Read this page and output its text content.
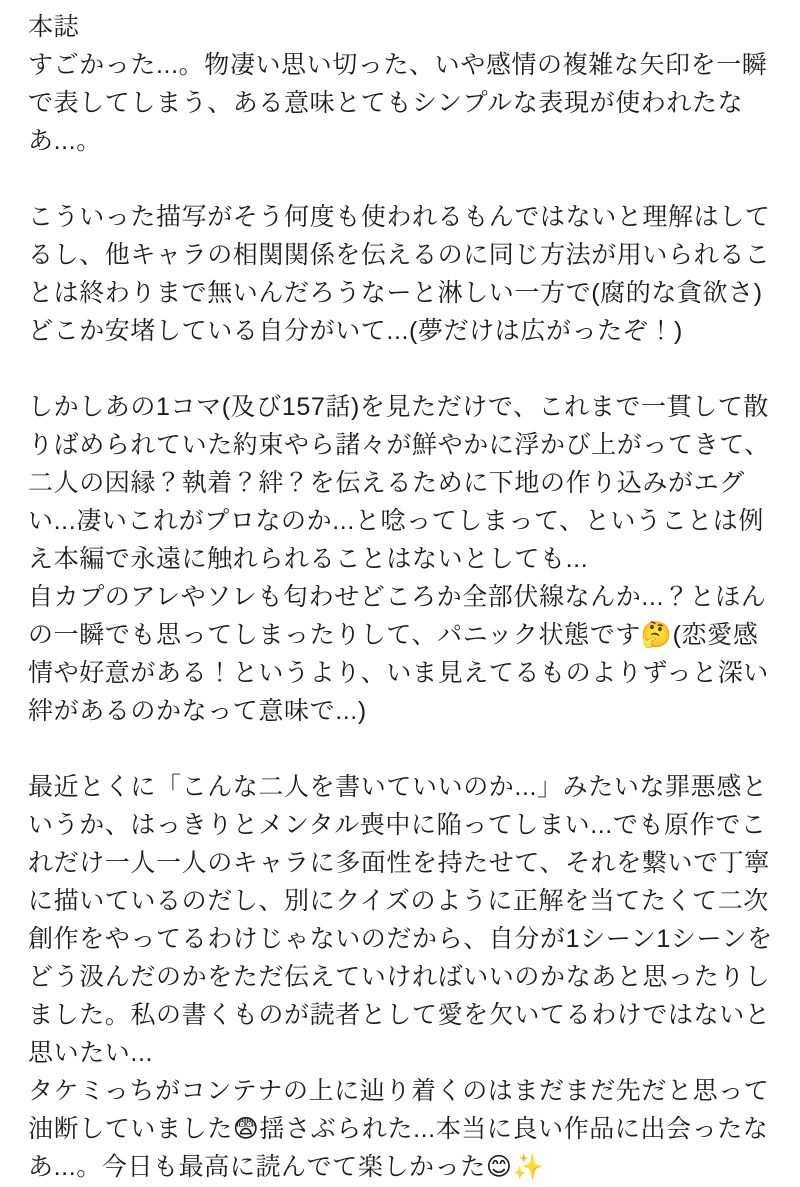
本誌
すごかった...。物凄い思い切った、いや感情の複雑な矢印を一瞬
で表してしまう、ある意味とてもシンプルな表現が使われたな
あ...。

こういった描写がそう何度も使われるもんではないと理解はして
るし、他キャラの相関関係を伝えるのに同じ方法が用いられるこ
とは終わりまで無いんだろうなーと淋しい一方で(腐的な貪欲さ)
どこか安堵している自分がいて...(夢だけは広がったぞ！)

しかしあの1コマ(及び157話)を見ただけで、これまで一貫して散
りばめられていた約束やら諸々が鮮やかに浮かび上がってきて、
二人の因縁？執着？絆？を伝えるために下地の作り込みがエグ
い...凄いこれがプロなのか...と唸ってしまって、ということは例
え本編で永遠に触れられることはないとしても...
自カプのアレやソレも匂わせどころか全部伏線なんか...？とほん
の一瞬でも思ってしまったりして、パニック状態です🤔(恋愛感
情や好意がある！というより、いま見えてるものよりずっと深い
絆があるのかなって意味で...)

最近とくに「こんな二人を書いていいのか...」みたいな罪悪感と
いうか、はっきりとメンタル喪中に陥ってしまい...でも原作でこ
れだけ一人一人のキャラに多面性を持たせて、それを繋いで丁寧
に描いているのだし、別にクイズのように正解を当てたくて二次
創作をやってるわけじゃないのだから、自分が1シーン1シーンを
どう汲んだのかをただ伝えていければいいのかなあと思ったりし
ました。私の書くものが読者として愛を欠いてるわけではないと
思いたい...
タケミっちがコンテナの上に辿り着くのはまだまだ先だと思って
油断していました😨揺さぶられた...本当に良い作品に出会ったな
あ...。今日も最高に読んでて楽しかった😊✨
